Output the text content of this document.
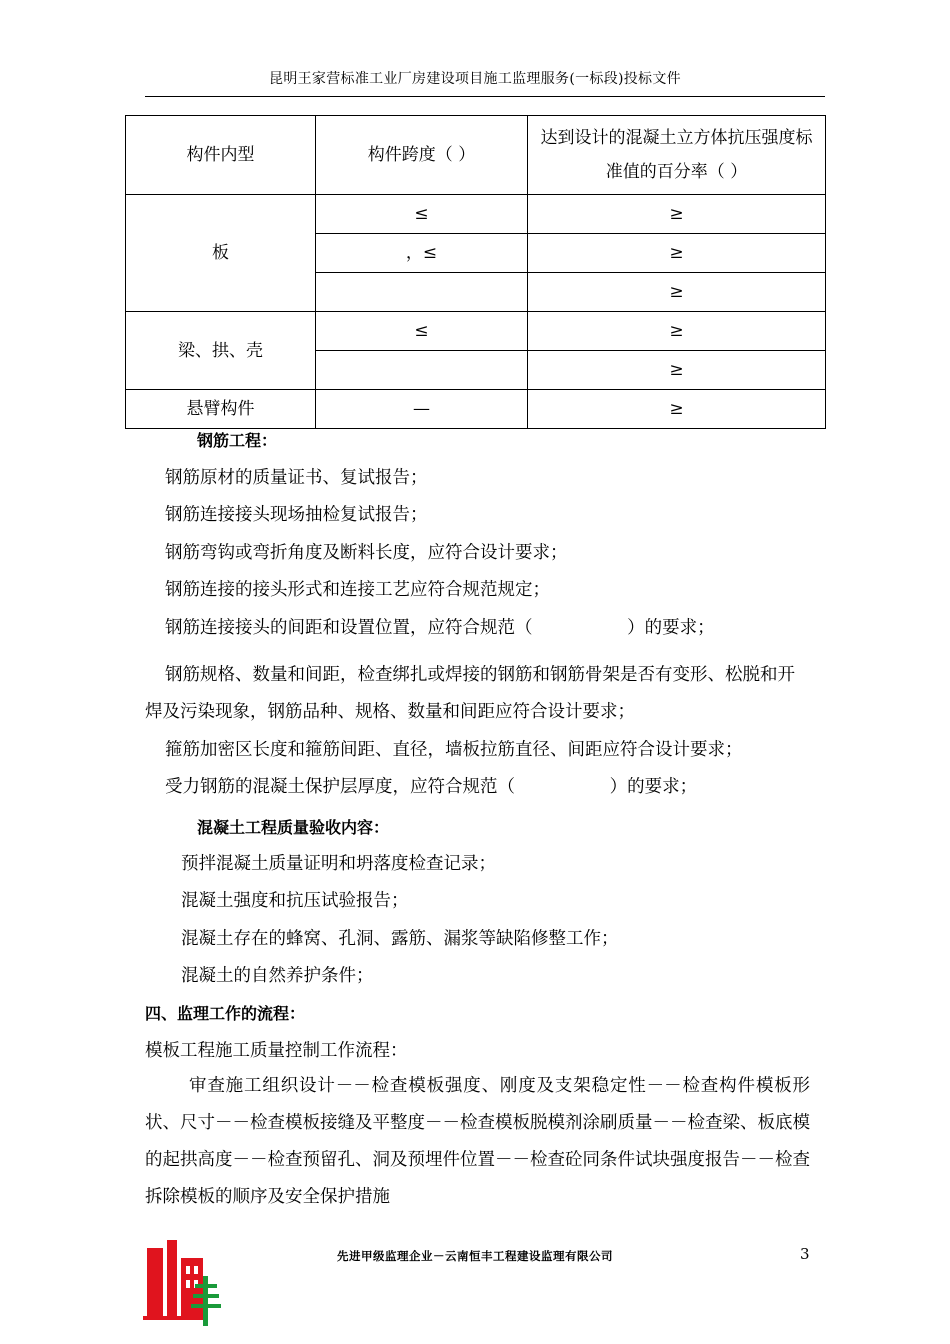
昆明王家营标准工业厂房建设项目施工监理服务(一标段)投标文件
构件内型	构件跨度（ ）	达到设计的混凝土立方体抗压强度标准值的百分率（ ）
板	≤	≥
	，≤	≥
		≥
梁、拱、壳	≤	≥
		≥
悬臂构件	—	≥
钢筋工程：
钢筋原材的质量证书、复试报告；
钢筋连接接头现场抽检复试报告；
钢筋弯钩或弯折角度及断料长度，应符合设计要求；
钢筋连接的接头形式和连接工艺应符合规范规定；
钢筋连接接头的间距和设置位置，应符合规范（                 ）的要求；
钢筋规格、数量和间距，检查绑扎或焊接的钢筋和钢筋骨架是否有变形、松脱和开焊及污染现象，钢筋品种、规格、数量和间距应符合设计要求；
箍筋加密区长度和箍筋间距、直径，墙板拉筋直径、间距应符合设计要求；
受力钢筋的混凝土保护层厚度，应符合规范（                 ）的要求；
混凝土工程质量验收内容：
预拌混凝土质量证明和坍落度检查记录；
混凝土强度和抗压试验报告；
混凝土存在的蜂窝、孔洞、露筋、漏浆等缺陷修整工作；
混凝土的自然养护条件；
四、监理工作的流程：
模板工程施工质量控制工作流程：
审查施工组织设计－－检查模板强度、刚度及支架稳定性－－检查构件模板形状、尺寸－－检查模板接缝及平整度－－检查模板脱模剂涂刷质量－－检查梁、板底模的起拱高度－－检查预留孔、洞及预埋件位置－－检查砼同条件试块强度报告－－检查拆除模板的顺序及安全保护措施
先进甲级监理企业－云南恒丰工程建设监理有限公司	3
